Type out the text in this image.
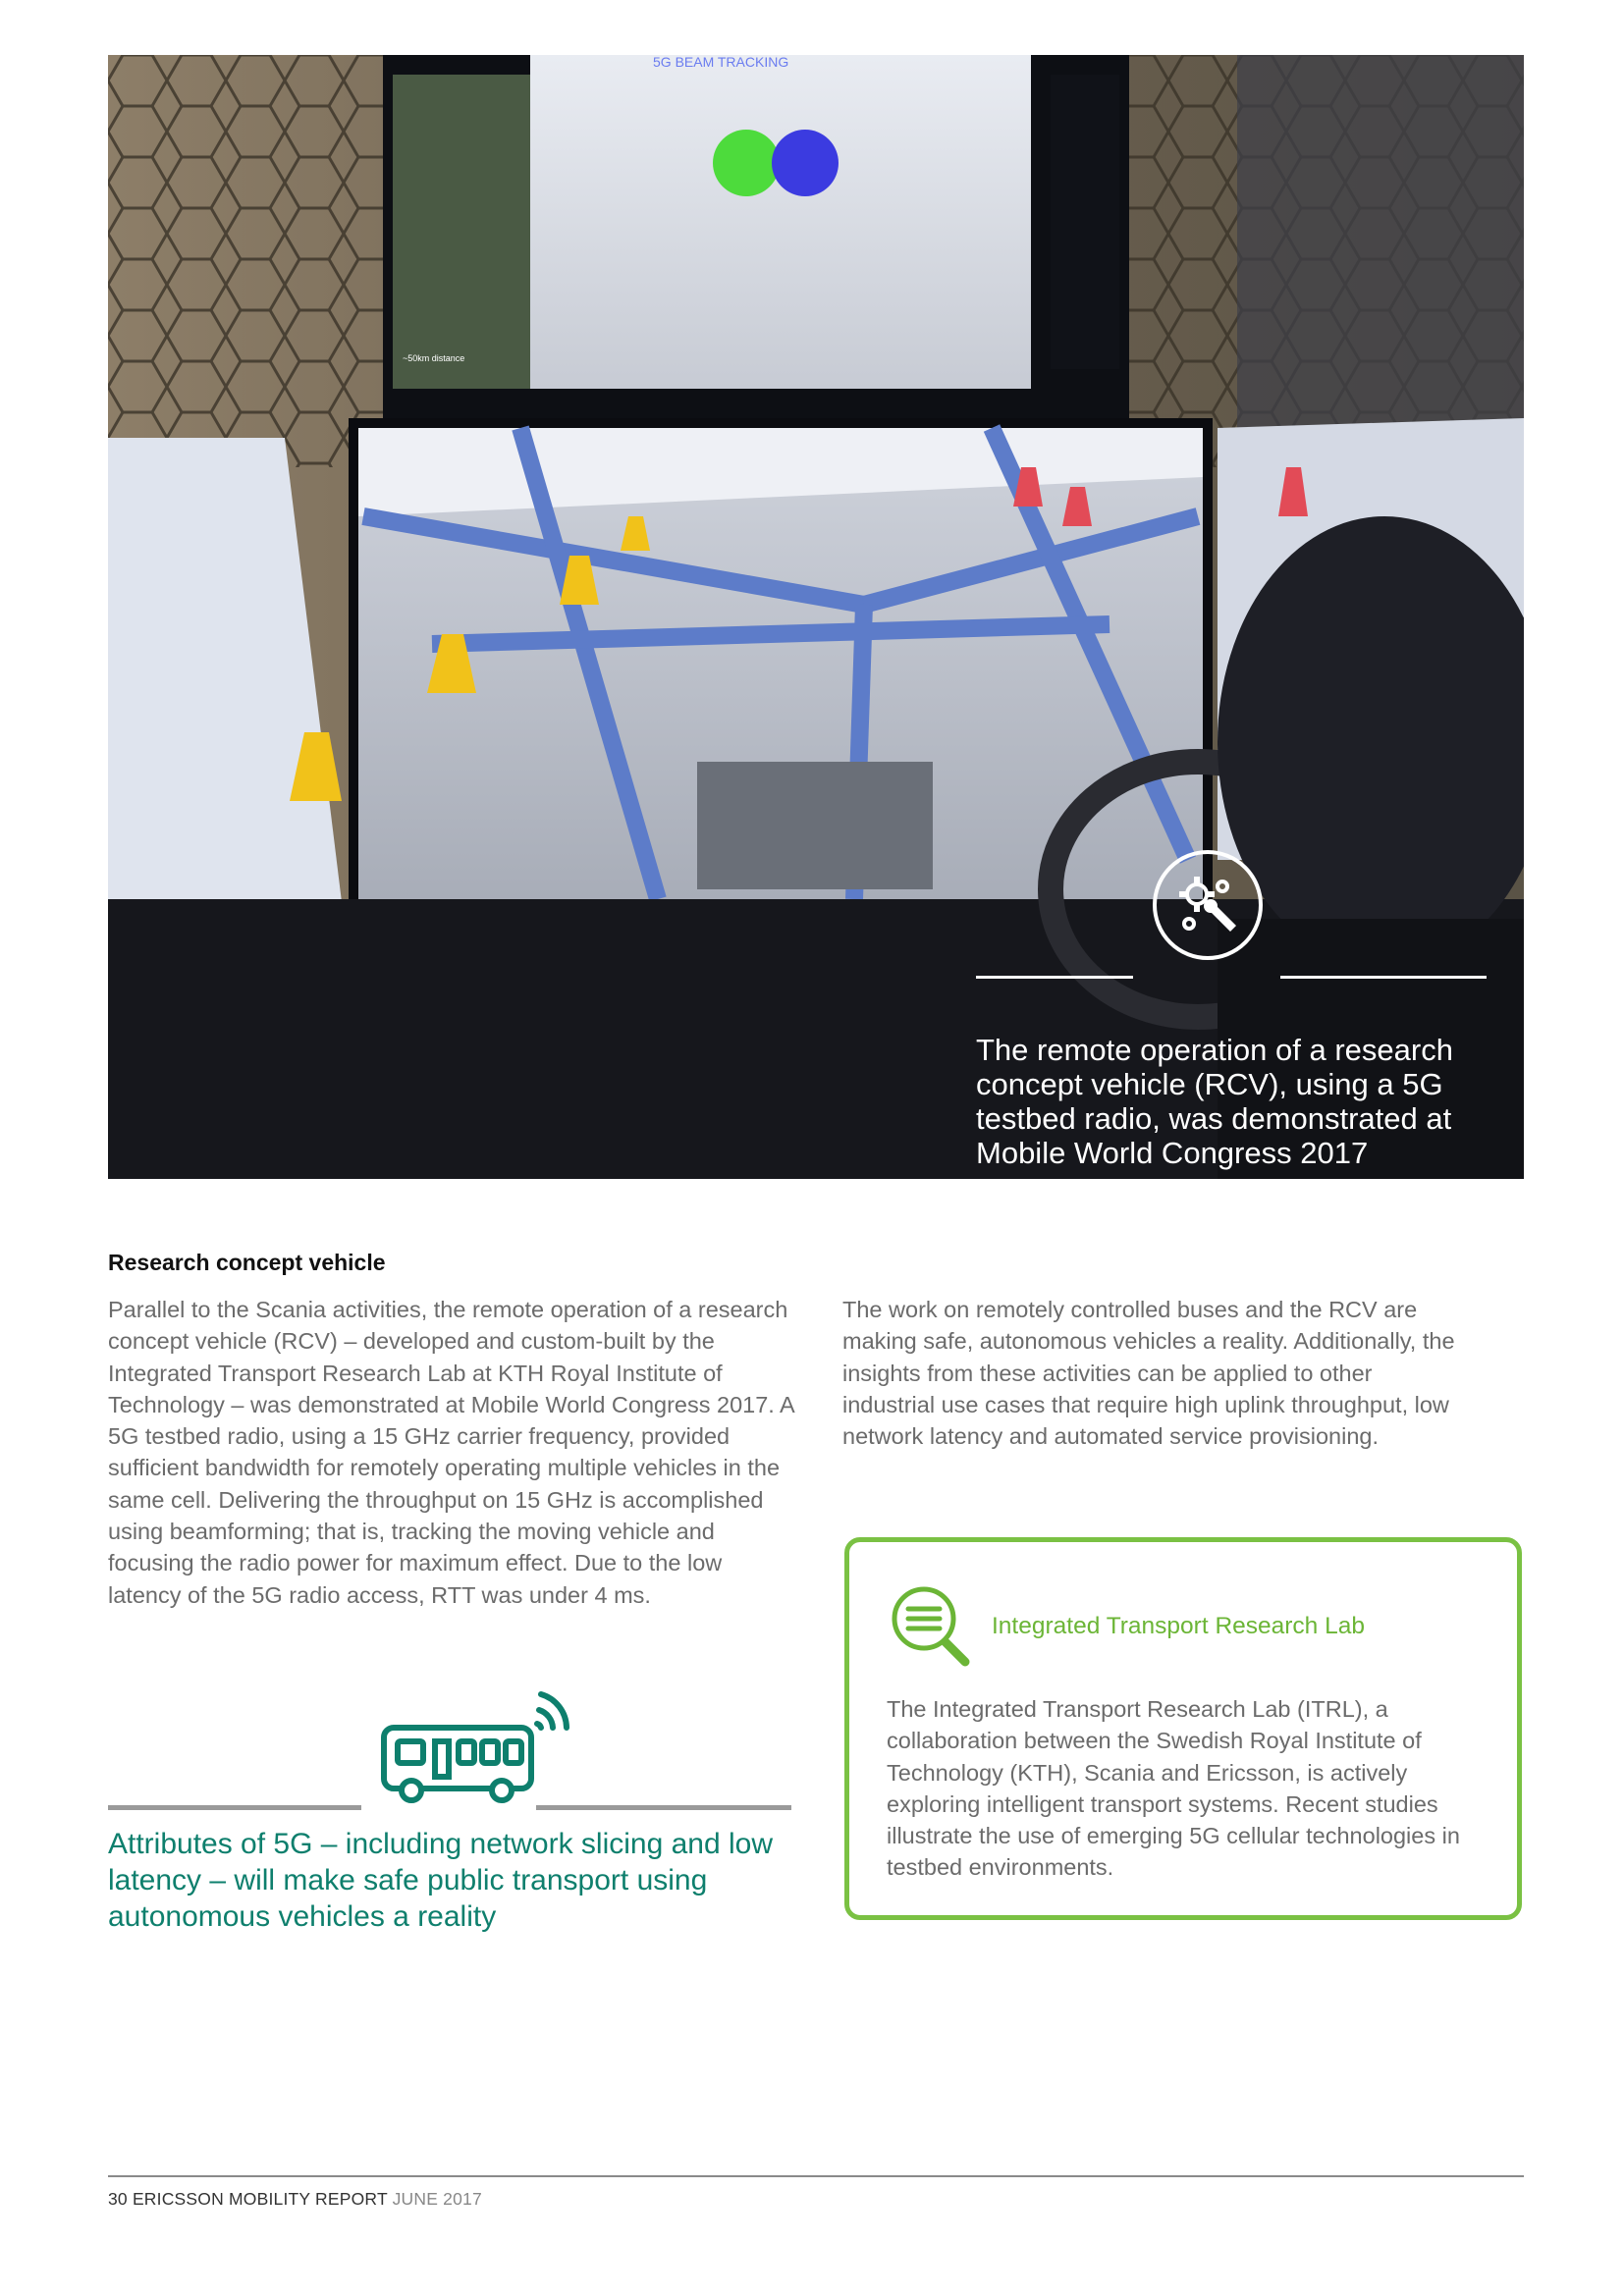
5G BEAM TRACKING
~50km distance
The remote operation of a research concept vehicle (RCV), using a 5G testbed radio, was demonstrated at Mobile World Congress 2017
Research concept vehicle
Parallel to the Scania activities, the remote operation of a research concept vehicle (RCV) – developed and custom-built by the Integrated Transport Research Lab at KTH Royal Institute of Technology – was demonstrated at Mobile World Congress 2017. A 5G testbed radio, using a 15 GHz carrier frequency, provided sufficient bandwidth for remotely operating multiple vehicles in the same cell. Delivering the throughput on 15 GHz is accomplished using beamforming; that is, tracking the moving vehicle and focusing the radio power for maximum effect. Due to the low latency of the 5G radio access, RTT was under 4 ms.
The work on remotely controlled buses and the RCV are making safe, autonomous vehicles a reality. Additionally, the insights from these activities can be applied to other industrial use cases that require high uplink throughput, low network latency and automated service provisioning.
Attributes of 5G – including network slicing and low latency – will make safe public transport using autonomous vehicles a reality
Integrated Transport Research Lab
The Integrated Transport Research Lab (ITRL), a collaboration between the Swedish Royal Institute of Technology (KTH), Scania and Ericsson, is actively exploring intelligent transport systems. Recent studies illustrate the use of emerging 5G cellular technologies in testbed environments.
30 ERICSSON MOBILITY REPORT JUNE 2017
